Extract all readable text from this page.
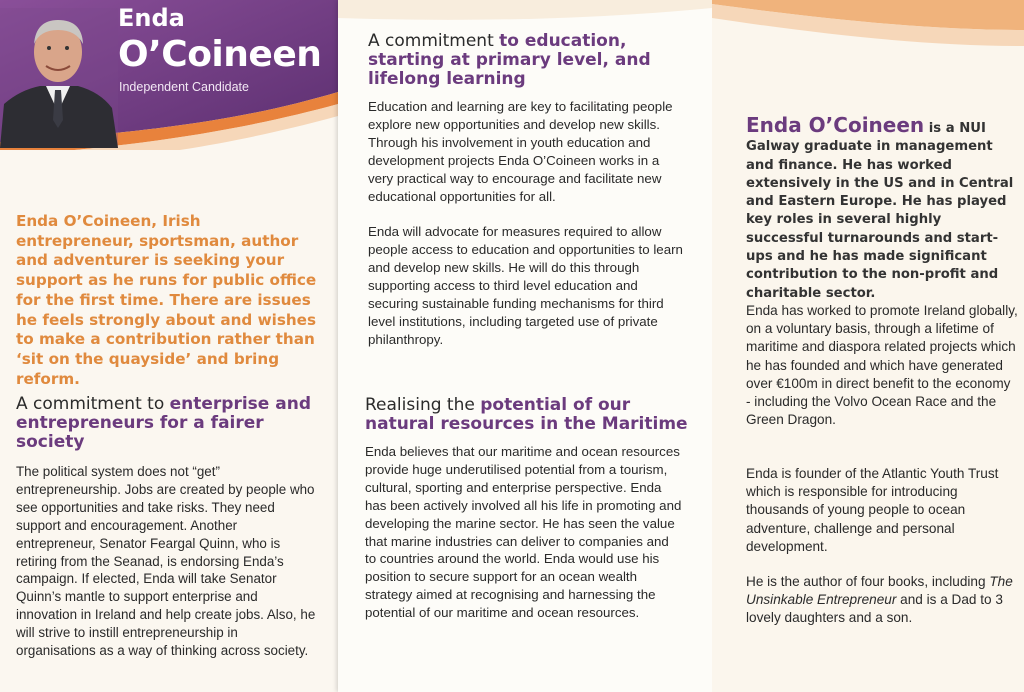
Enda
O’Coineen
Independent Candidate
Enda O’Coineen, Irish entrepreneur, sportsman, author and adventurer is seeking your support as he runs for public office for the first time. There are issues he feels strongly about and wishes to make a contribution rather than ‘sit on the quayside’ and bring reform.
A commitment to enterprise and entrepreneurs for a fairer society

The political system does not “get” entrepreneurship. Jobs are created by people who see opportunities and take risks. They need support and encouragement. Another entrepreneur, Senator Feargal Quinn, who is retiring from the Seanad, is endorsing Enda’s campaign. If elected, Enda will take Senator Quinn’s mantle to support enterprise and innovation in Ireland and help create jobs. Also, he will strive to instill entrepreneurship in organisations as a way of thinking across society.

A commitment to education, starting at primary level, and lifelong learning

Education and learning are key to facilitating people explore new opportunities and develop new skills. Through his involvement in youth education and development projects Enda O’Coineen works in a very practical way to encourage and facilitate new educational opportunities for all.

Enda will advocate for measures required to allow people access to education and opportunities to learn and develop new skills. He will do this through supporting access to third level education and securing sustainable funding mechanisms for third level institutions, including targeted use of private philanthropy.

Realising the potential of our natural resources in the Maritime

Enda believes that our maritime and ocean resources provide huge underutilised potential from a tourism, cultural, sporting and enterprise perspective. Enda has been actively involved all his life in promoting and developing the marine sector. He has seen the value that marine industries can deliver to companies and to countries around the world. Enda would use his position to secure support for an ocean wealth strategy aimed at recognising and harnessing the potential of our maritime and ocean resources.

Enda O’Coineen is a NUI Galway graduate in management and finance. He has worked extensively in the US and in Central and Eastern Europe. He has played key roles in several highly successful turnarounds and start-ups and he has made significant contribution to the non-profit and charitable sector.
Enda has worked to promote Ireland globally, on a voluntary basis, through a lifetime of maritime and diaspora related projects which he has founded and which have generated over €100m in direct benefit to the economy - including the Volvo Ocean Race and the Green Dragon.
Enda is founder of the Atlantic Youth Trust which is responsible for introducing thousands of young people to ocean adventure, challenge and personal development.
He is the author of four books, including The Unsinkable Entrepreneur and is a Dad to 3 lovely daughters and a son.
